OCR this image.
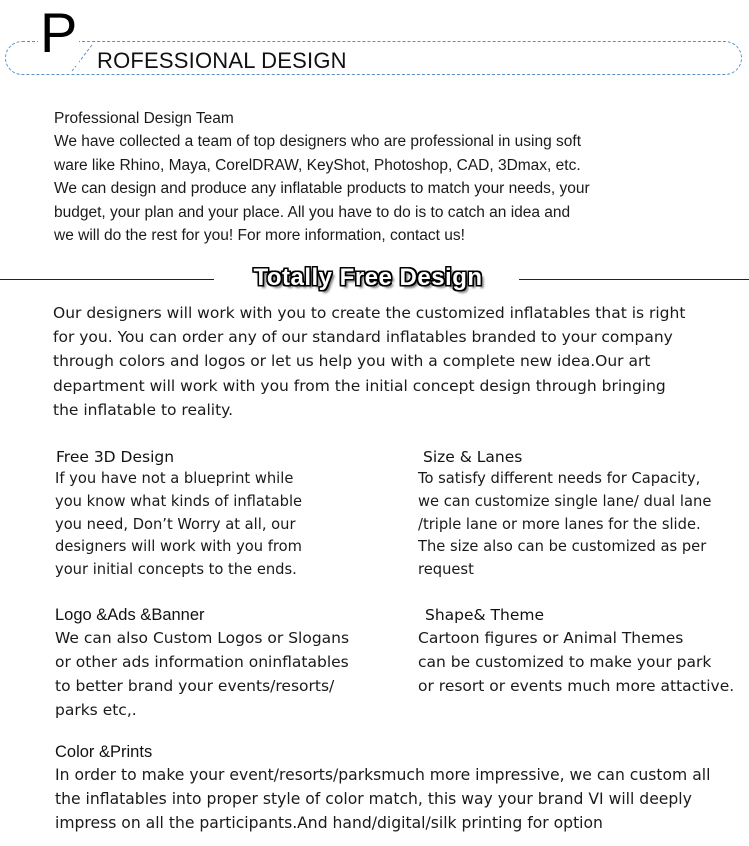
P ROFESSIONAL DESIGN
Professional Design Team
We have collected a team of top designers who are professional in using soft
ware like Rhino, Maya, CorelDRAW, KeyShot, Photoshop, CAD, 3Dmax, etc.
We can design and produce any inflatable products to match your needs, your
budget, your plan and your place. All you have to do is to catch an idea and
we will do the rest for you! For more information, contact us!
Totally Free Design
Our designers will work with you to create the customized inflatables that is right
for you. You can order any of our standard inflatables branded to your company
through colors and logos or let us help you with a complete new idea.Our art
department will work with you from the initial concept design through bringing
the inflatable to reality.
Free 3D Design
If you have not a blueprint while
you know what kinds of inflatable
you need, Don’t Worry at all, our
designers will work with you from
your initial concepts to the ends.
Size & Lanes
To satisfy different needs for Capacity,
we can customize single lane/ dual lane
/triple lane or more lanes for the slide.
The size also can be customized as per
request
Logo &Ads &Banner
We can also Custom Logos or Slogans
or other ads information oninflatables
to better brand your events/resorts/
parks etc,.
Shape& Theme
Cartoon figures or Animal Themes
can be customized to make your park
or resort or events much more attactive.
Color &Prints
In order to make your event/resorts/parksmuch more impressive, we can custom all
the inflatables into proper style of color match, this way your brand VI will deeply
impress on all the participants.And hand/digital/silk printing for option
